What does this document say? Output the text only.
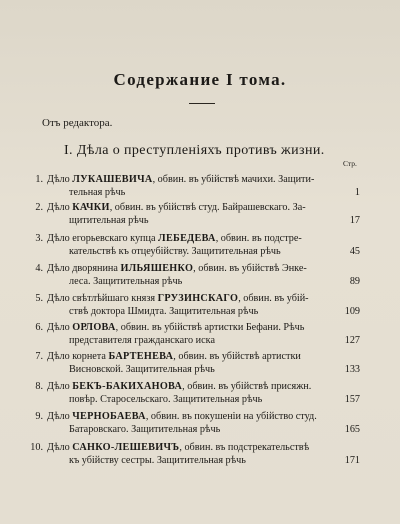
Содержание I тома.
Отъ редактора.
I. Дѣла о преступленiяхъ противъ жизни.
Стр.
1. Дѣло ЛУКАШЕВИЧА, обвин. въ убiйствѣ мачихи. Защити-
тельная рѣчь	1
2. Дѣло КАЧКИ, обвин. въ убiйствѣ студ. Байрашевскаго. За-
щитительная рѣчь	17
3. Дѣло егорьевскаго купца ЛЕБЕДЕВА, обвин. въ подстре-
кательствѣ къ отцеубiйству. Защитительная рѣчь	45
4. Дѣло дворянина ИЛЬЯШЕНКО, обвин. въ убiйствѣ Энке-
леса. Защитительная рѣчь	89
5. Дѣло свѣтлѣйшаго князя ГРУЗИНСКАГО, обвин. въ убiй-
ствѣ доктора Шмидта. Защитительная рѣчь	109
6. Дѣло ОРЛОВА, обвин. въ убiйствѣ артистки Бефани. Рѣчь
представителя гражданскаго иска	127
7. Дѣло корнета БАРТЕНЕВА, обвин. въ убiйствѣ артистки
Висновской. Защитительная рѣчь	133
8. Дѣло БЕКЪ-БАКИХАНОВА, обвин. въ убiйствѣ присяжн.
повѣр. Старосельскаго. Защитительная рѣчь	157
9. Дѣло ЧЕРНОБАЕВА, обвин. въ покушенiи на убiйство студ.
Батаровскаго. Защитительная рѣчь	165
10. Дѣло САНКО-ЛЕШЕВИЧЪ, обвин. въ подстрекательствѣ
къ убiйству сестры. Защитительная рѣчь	171
